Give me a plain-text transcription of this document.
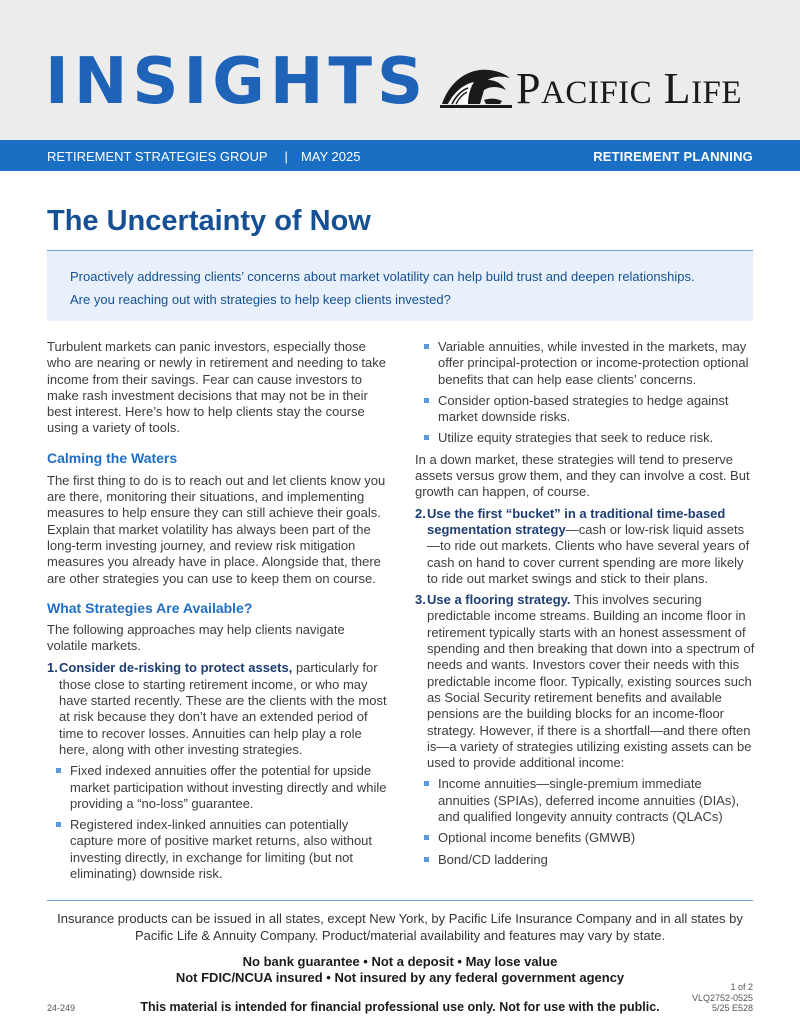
INSIGHTS PACIFIC LIFE
RETIREMENT STRATEGIES GROUP | MAY 2025	RETIREMENT PLANNING
The Uncertainty of Now

Proactively addressing clients’ concerns about market volatility can help build trust and deepen relationships.
Are you reaching out with strategies to help keep clients invested?

Turbulent markets can panic investors, especially those who are nearing or newly in retirement and needing to take income from their savings. Fear can cause investors to make rash investment decisions that may not be in their best interest. Here’s how to help clients stay the course using a variety of tools.

Calming the Waters

The first thing to do is to reach out and let clients know you are there, monitoring their situations, and implementing measures to help ensure they can still achieve their goals. Explain that market volatility has always been part of the long-term investing journey, and review risk mitigation measures you already have in place. Alongside that, there are other strategies you can use to keep them on course.

What Strategies Are Available?

The following approaches may help clients navigate volatile markets.

1. Consider de-risking to protect assets, particularly for those close to starting retirement income, or who may have started recently. These are the clients with the most at risk because they don’t have an extended period of time to recover losses. Annuities can help play a role here, along with other investing strategies.

Fixed indexed annuities offer the potential for upside market participation without investing directly and while providing a “no-loss” guarantee.
Registered index-linked annuities can potentially capture more of positive market returns, also without investing directly, in exchange for limiting (but not eliminating) downside risk.
Variable annuities, while invested in the markets, may offer principal-protection or income-protection optional benefits that can help ease clients’ concerns.
Consider option-based strategies to hedge against market downside risks.
Utilize equity strategies that seek to reduce risk.

In a down market, these strategies will tend to preserve assets versus grow them, and they can involve a cost. But growth can happen, of course.

2. Use the first “bucket” in a traditional time-based segmentation strategy—cash or low-risk liquid assets—to ride out markets. Clients who have several years of cash on hand to cover current spending are more likely to ride out market swings and stick to their plans.

3. Use a flooring strategy. This involves securing predictable income streams. Building an income floor in retirement typically starts with an honest assessment of spending and then breaking that down into a spectrum of needs and wants. Investors cover their needs with this predictable income floor. Typically, existing sources such as Social Security retirement benefits and available pensions are the building blocks for an income-floor strategy. However, if there is a shortfall—and there often is—a variety of strategies utilizing existing assets can be used to provide additional income:

Income annuities—single-premium immediate annuities (SPIAs), deferred income annuities (DIAs), and qualified longevity annuity contracts (QLACs)
Optional income benefits (GMWB)
Bond/CD laddering

Insurance products can be issued in all states, except New York, by Pacific Life Insurance Company and in all states by Pacific Life & Annuity Company. Product/material availability and features may vary by state.

No bank guarantee • Not a deposit • May lose value
Not FDIC/NCUA insured • Not insured by any federal government agency

This material is intended for financial professional use only. Not for use with the public.

24-249
1 of 2
VLQ2752-0525
5/25 E528
